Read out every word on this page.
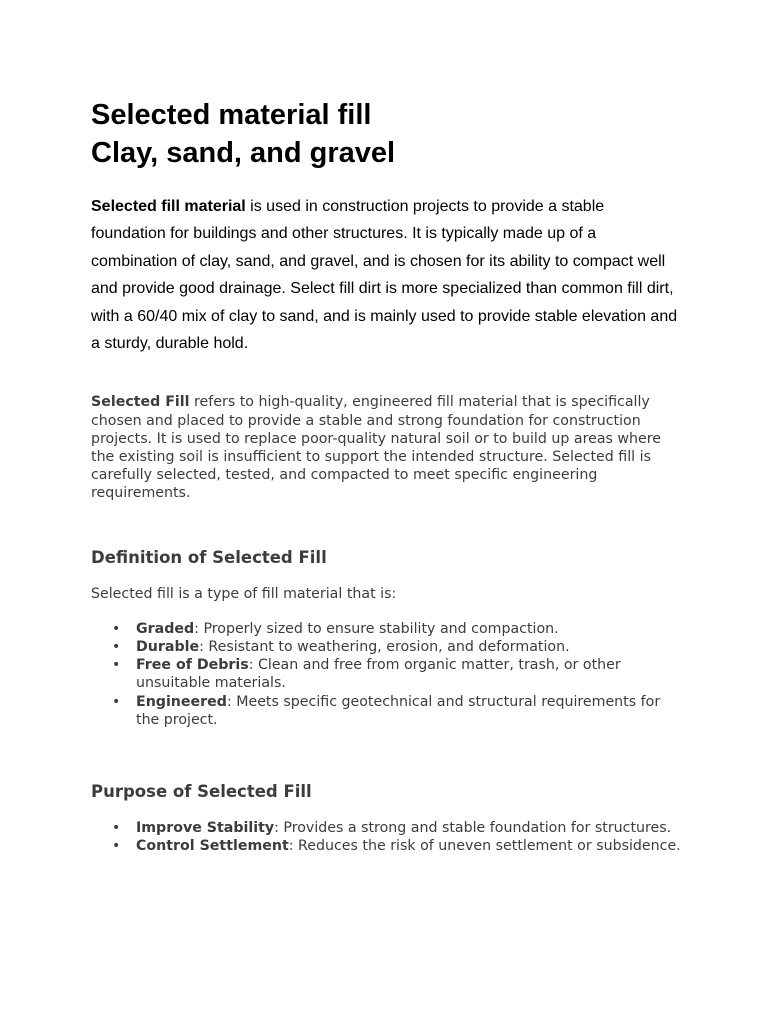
Selected material fill
Clay, sand, and gravel

Selected fill material is used in construction projects to provide a stable foundation for buildings and other structures. It is typically made up of a combination of clay, sand, and gravel, and is chosen for its ability to compact well and provide good drainage. Select fill dirt is more specialized than common fill dirt, with a 60/40 mix of clay to sand, and is mainly used to provide stable elevation and a sturdy, durable hold.

Selected Fill refers to high-quality, engineered fill material that is specifically chosen and placed to provide a stable and strong foundation for construction projects. It is used to replace poor-quality natural soil or to build up areas where the existing soil is insufficient to support the intended structure. Selected fill is carefully selected, tested, and compacted to meet specific engineering requirements.

Definition of Selected Fill

Selected fill is a type of fill material that is:

• Graded: Properly sized to ensure stability and compaction.
• Durable: Resistant to weathering, erosion, and deformation.
• Free of Debris: Clean and free from organic matter, trash, or other unsuitable materials.
• Engineered: Meets specific geotechnical and structural requirements for the project.
Purpose of Selected Fill
• Improve Stability: Provides a strong and stable foundation for structures.
• Control Settlement: Reduces the risk of uneven settlement or subsidence.
